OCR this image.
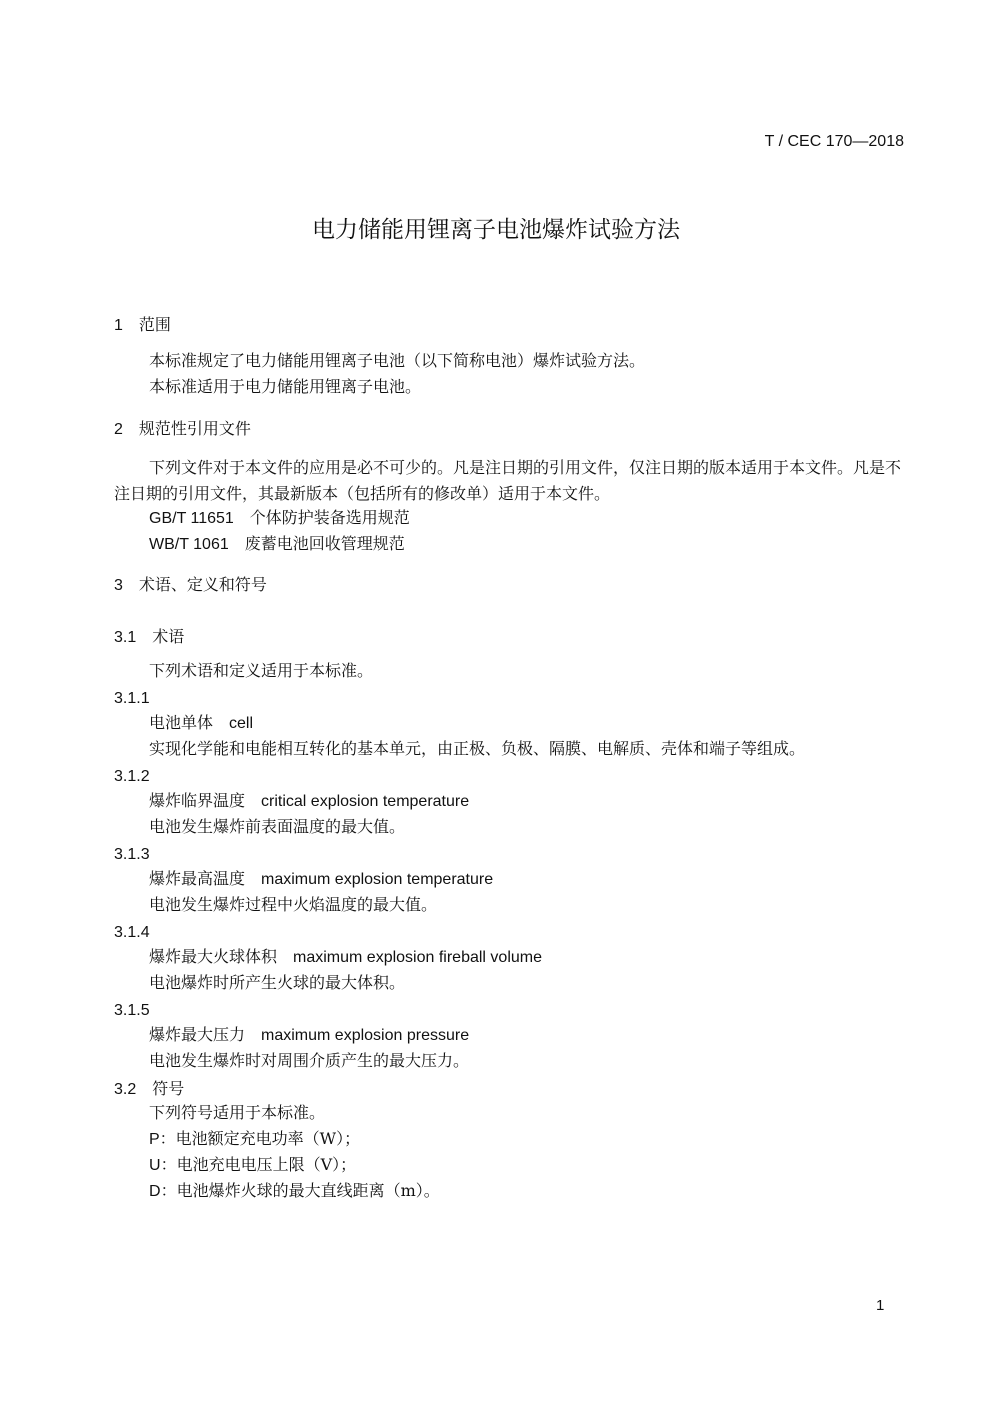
T / CEC 170—2018
电力储能用锂离子电池爆炸试验方法
1 范围
本标准规定了电力储能用锂离子电池（以下简称电池）爆炸试验方法。
本标准适用于电力储能用锂离子电池。
2 规范性引用文件
下列文件对于本文件的应用是必不可少的。凡是注日期的引用文件，仅注日期的版本适用于本文件。凡是不注日期的引用文件，其最新版本（包括所有的修改单）适用于本文件。
GB/T 11651 个体防护装备选用规范
WB/T 1061 废蓄电池回收管理规范
3 术语、定义和符号
3.1 术语
下列术语和定义适用于本标准。
3.1.1
电池单体 cell
实现化学能和电能相互转化的基本单元，由正极、负极、隔膜、电解质、壳体和端子等组成。
3.1.2
爆炸临界温度 critical explosion temperature
电池发生爆炸前表面温度的最大值。
3.1.3
爆炸最高温度 maximum explosion temperature
电池发生爆炸过程中火焰温度的最大值。
3.1.4
爆炸最大火球体积 maximum explosion fireball volume
电池爆炸时所产生火球的最大体积。
3.1.5
爆炸最大压力 maximum explosion pressure
电池发生爆炸时对周围介质产生的最大压力。
3.2 符号
下列符号适用于本标准。
P：电池额定充电功率（W）；
U：电池充电电压上限（V）；
D：电池爆炸火球的最大直线距离（m）。
1
